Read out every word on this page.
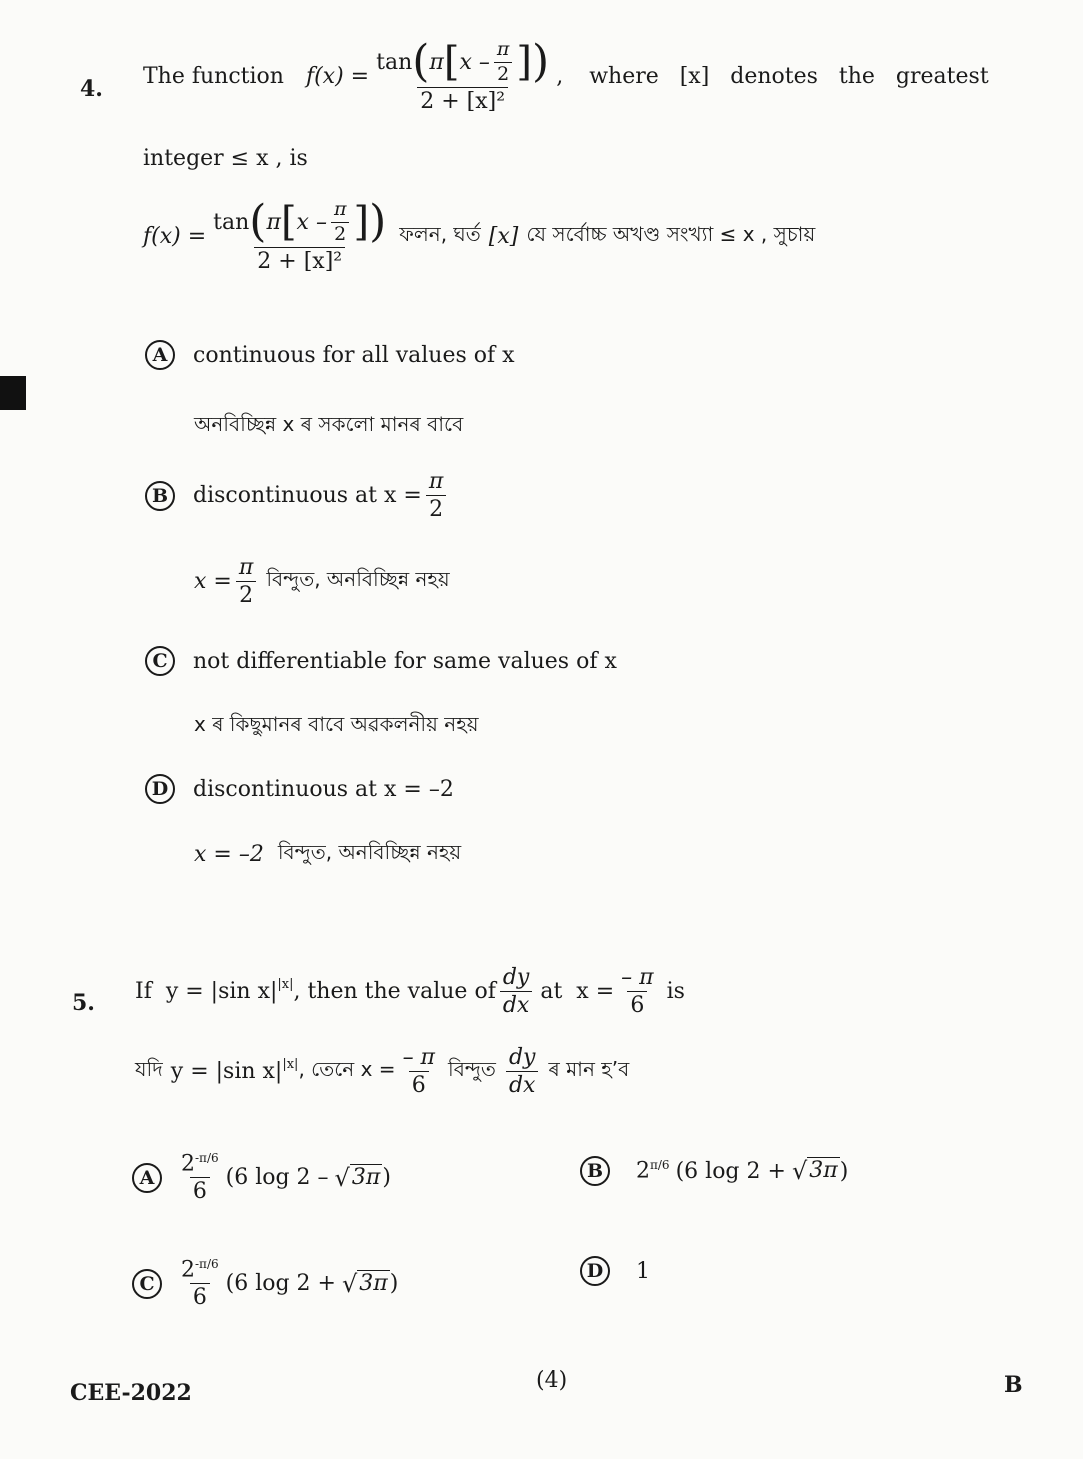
4. The function f(x) =
tan ( π [ x – $\frac{\pi}{2}$ ] )
2 + [x]²
, where   [x]   denotes   the   greatest
integer ≤ x , is
f(x) =
tan ( π [ x – $\frac{\pi}{2}$ ] )
2 + [x]²
ফলন, ঘৰ্ত [x] যে সৰ্বোচ্চ অখণ্ড সংখ্যা ≤ x , সুচায়
A	continuous for all values of x
অনবিচ্ছিন্ন x ৰ সকলো মানৰ বাবে
B	discontinuous at $x = \frac{\pi}{2}$
$x = \frac{\pi}{2}$ বিন্দুত, অনবিচ্ছিন্ন নহয়
C	not differentiable for same values of x
x ৰ কিছুমানৰ বাবে অৱকলনীয় নহয়
D	discontinuous at x = –2
x = –2 বিন্দুত, অনবিচ্ছিন্ন নহয়
5. If  y = |sin $x|^{|x|}$ , then the value of $\frac{dy}{dx}$ at  $x = \frac{- \pi}{6}$ is
যদি y = |sin $x|^{|x|}$ , তেনে $x = \frac{- \pi}{6}$ বিন্দুত $\frac{dy}{dx}$ ৰ মান হ’ব
A	$\frac{2^{-\pi/6}}{6} (6$ log 2 – √ 3π )	B	$2^{\pi/6}$ (6 log 2 + √ 3π )
C	$\frac{2^{-\pi/6}}{6} (6$ log 2 + √ 3π )
D	1
CEE-2022	(4)	B
